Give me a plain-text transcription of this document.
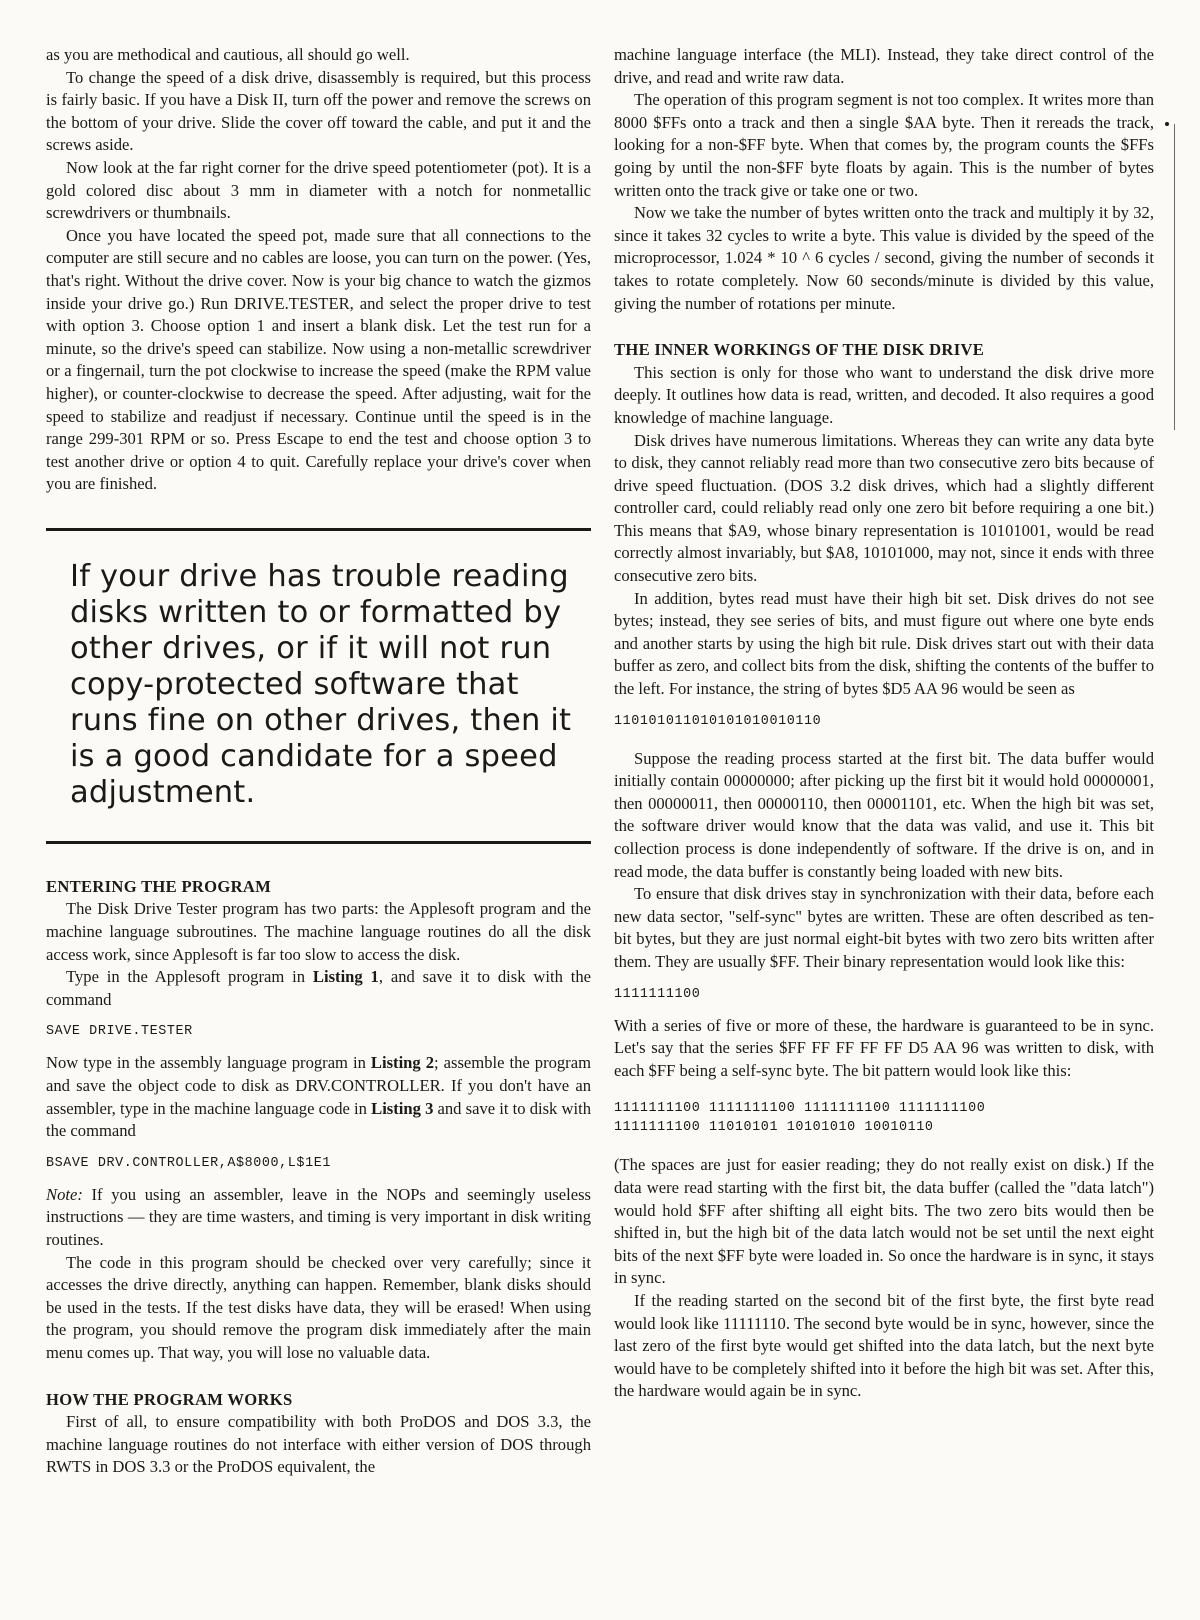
as you are methodical and cautious, all should go well.

To change the speed of a disk drive, disassembly is required, but this process is fairly basic. If you have a Disk II, turn off the power and remove the screws on the bottom of your drive. Slide the cover off toward the cable, and put it and the screws aside.

Now look at the far right corner for the drive speed potentiometer (pot). It is a gold colored disc about 3 mm in diameter with a notch for nonmetallic screwdrivers or thumbnails.

Once you have located the speed pot, made sure that all connections to the computer are still secure and no cables are loose, you can turn on the power. (Yes, that's right. Without the drive cover. Now is your big chance to watch the gizmos inside your drive go.) Run DRIVE.TESTER, and select the proper drive to test with option 3. Choose option 1 and insert a blank disk. Let the test run for a minute, so the drive's speed can stabilize. Now using a non-metallic screwdriver or a fingernail, turn the pot clockwise to increase the speed (make the RPM value higher), or counter-clockwise to decrease the speed. After adjusting, wait for the speed to stabilize and readjust if necessary. Continue until the speed is in the range 299-301 RPM or so. Press Escape to end the test and choose option 3 to test another drive or option 4 to quit. Carefully replace your drive's cover when you are finished.

If your drive has trouble reading disks written to or formatted by other drives, or if it will not run copy-protected software that runs fine on other drives, then it is a good candidate for a speed adjustment.

ENTERING THE PROGRAM

The Disk Drive Tester program has two parts: the Applesoft program and the machine language subroutines. The machine language routines do all the disk access work, since Applesoft is far too slow to access the disk.

Type in the Applesoft program in Listing 1, and save it to disk with the command

SAVE DRIVE.TESTER

Now type in the assembly language program in Listing 2; assemble the program and save the object code to disk as DRV.CONTROLLER. If you don't have an assembler, type in the machine language code in Listing 3 and save it to disk with the command

BSAVE DRV.CONTROLLER,A$8000,L$1E1

Note: If you using an assembler, leave in the NOPs and seemingly useless instructions — they are time wasters, and timing is very important in disk writing routines.

The code in this program should be checked over very carefully; since it accesses the drive directly, anything can happen. Remember, blank disks should be used in the tests. If the test disks have data, they will be erased! When using the program, you should remove the program disk immediately after the main menu comes up. That way, you will lose no valuable data.

HOW THE PROGRAM WORKS

First of all, to ensure compatibility with both ProDOS and DOS 3.3, the machine language routines do not interface with either version of DOS through RWTS in DOS 3.3 or the ProDOS equivalent, the

machine language interface (the MLI). Instead, they take direct control of the drive, and read and write raw data.

The operation of this program segment is not too complex. It writes more than 8000 $FFs onto a track and then a single $AA byte. Then it rereads the track, looking for a non-$FF byte. When that comes by, the program counts the $FFs going by until the non-$FF byte floats by again. This is the number of bytes written onto the track give or take one or two.

Now we take the number of bytes written onto the track and multiply it by 32, since it takes 32 cycles to write a byte. This value is divided by the speed of the microprocessor, 1.024 * 10 ^ 6 cycles / second, giving the number of seconds it takes to rotate completely. Now 60 seconds/minute is divided by this value, giving the number of rotations per minute.

THE INNER WORKINGS OF THE DISK DRIVE

This section is only for those who want to understand the disk drive more deeply. It outlines how data is read, written, and decoded. It also requires a good knowledge of machine language.

Disk drives have numerous limitations. Whereas they can write any data byte to disk, they cannot reliably read more than two consecutive zero bits because of drive speed fluctuation. (DOS 3.2 disk drives, which had a slightly different controller card, could reliably read only one zero bit before requiring a one bit.) This means that $A9, whose binary representation is 10101001, would be read correctly almost invariably, but $A8, 10101000, may not, since it ends with three consecutive zero bits.

In addition, bytes read must have their high bit set. Disk drives do not see bytes; instead, they see series of bits, and must figure out where one byte ends and another starts by using the high bit rule. Disk drives start out with their data buffer as zero, and collect bits from the disk, shifting the contents of the buffer to the left. For instance, the string of bytes $D5 AA 96 would be seen as

110101011010101010010110

Suppose the reading process started at the first bit. The data buffer would initially contain 00000000; after picking up the first bit it would hold 00000001, then 00000011, then 00000110, then 00001101, etc. When the high bit was set, the software driver would know that the data was valid, and use it. This bit collection process is done independently of software. If the drive is on, and in read mode, the data buffer is constantly being loaded with new bits.

To ensure that disk drives stay in synchronization with their data, before each new data sector, "self-sync" bytes are written. These are often described as ten-bit bytes, but they are just normal eight-bit bytes with two zero bits written after them. They are usually $FF. Their binary representation would look like this:

1111111100

With a series of five or more of these, the hardware is guaranteed to be in sync. Let's say that the series $FF FF FF FF FF D5 AA 96 was written to disk, with each $FF being a self-sync byte. The bit pattern would look like this:

1111111100 1111111100 1111111100 1111111100

1111111100 11010101 10101010 10010110

(The spaces are just for easier reading; they do not really exist on disk.) If the data were read starting with the first bit, the data buffer (called the "data latch") would hold $FF after shifting all eight bits. The two zero bits would then be shifted in, but the high bit of the data latch would not be set until the next eight bits of the next $FF byte were loaded in. So once the hardware is in sync, it stays in sync.

If the reading started on the second bit of the first byte, the first byte read would look like 11111110. The second byte would be in sync, however, since the last zero of the first byte would get shifted into the data latch, but the next byte would have to be completely shifted into it before the high bit was set. After this, the hardware would again be in sync.
